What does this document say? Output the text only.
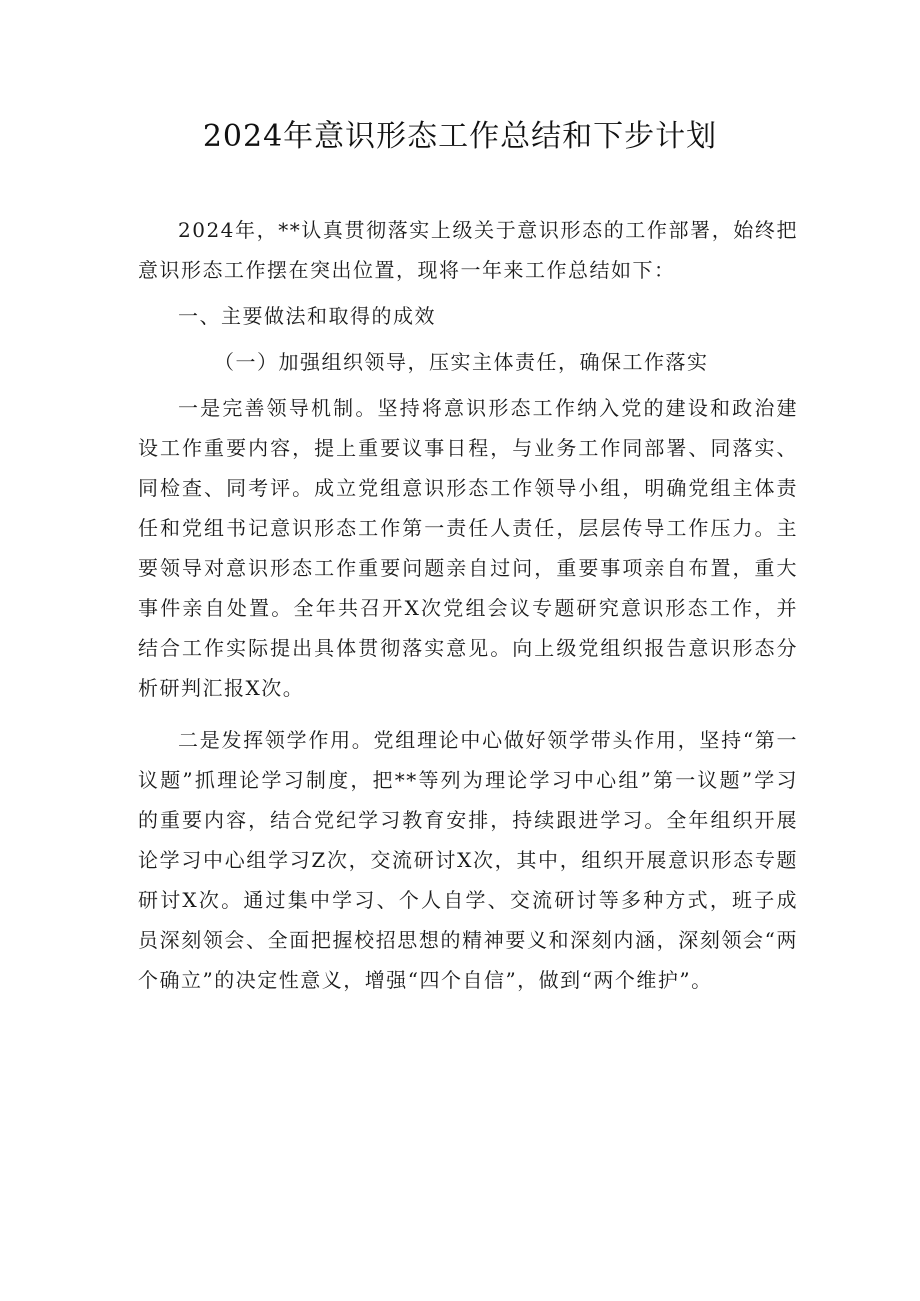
2024年意识形态工作总结和下步计划

2024年，**认真贯彻落实上级关于意识形态的工作部署，始终把意识形态工作摆在突出位置，现将一年来工作总结如下：

一、主要做法和取得的成效

（一）加强组织领导，压实主体责任，确保工作落实

一是完善领导机制。坚持将意识形态工作纳入党的建设和政治建设工作重要内容，提上重要议事日程，与业务工作同部署、同落实、同检查、同考评。成立党组意识形态工作领导小组，明确党组主体责任和党组书记意识形态工作第一责任人责任，层层传导工作压力。主要领导对意识形态工作重要问题亲自过问，重要事项亲自布置，重大事件亲自处置。全年共召开X次党组会议专题研究意识形态工作，并结合工作实际提出具体贯彻落实意见。向上级党组织报告意识形态分析研判汇报X次。

二是发挥领学作用。党组理论中心做好领学带头作用，坚持“第一议题”抓理论学习制度，把**等列为理论学习中心组”第一议题”学习的重要内容，结合党纪学习教育安排，持续跟进学习。全年组织开展论学习中心组学习Z次，交流研讨X次，其中，组织开展意识形态专题研讨X次。通过集中学习、个人自学、交流研讨等多种方式，班子成员深刻领会、全面把握校招思想的精神要义和深刻内涵，深刻领会“两个确立”的决定性意义，增强“四个自信”，做到“两个维护”。
